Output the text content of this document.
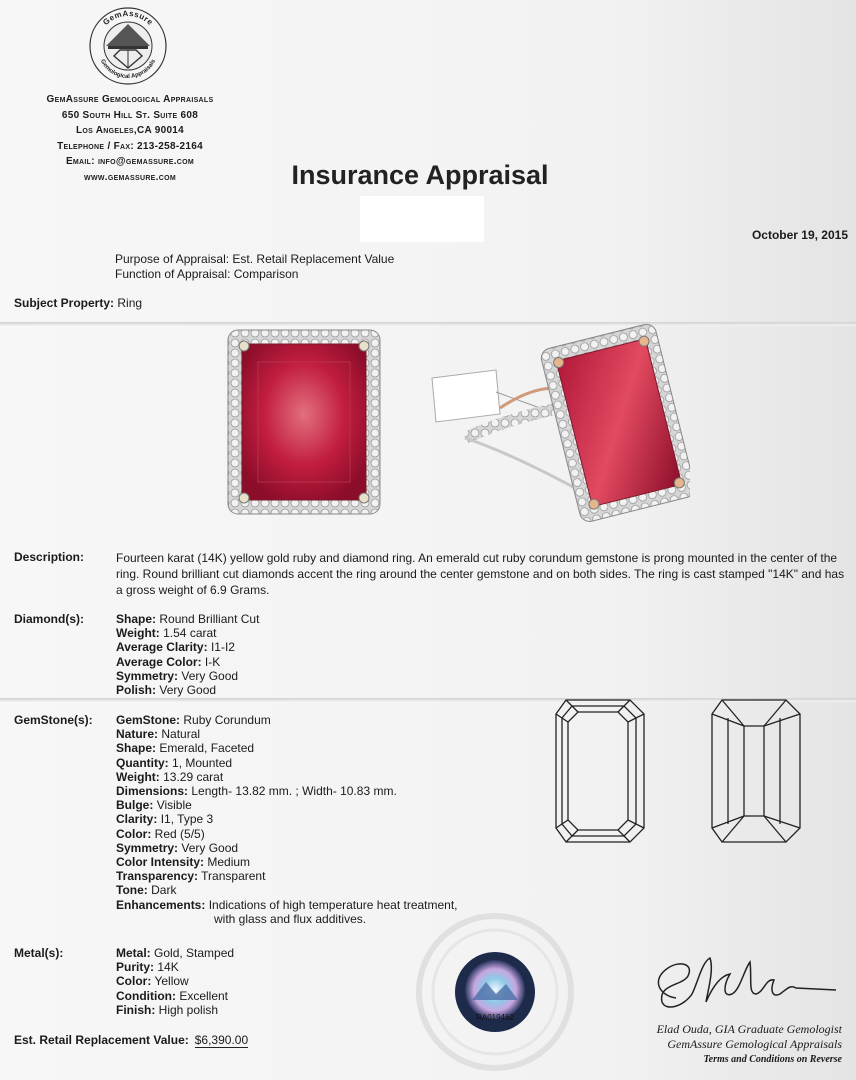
GemAssure
Gemological Appraisals
GemAssure Gemological Appraisals
650 South Hill St. Suite 608
Los Angeles,CA 90014
Telephone / Fax: 213-258-2164
Email: info@gemassure.com
www.gemassure.com	Insurance Appraisal
October 19, 2015
Purpose of Appraisal: Est. Retail Replacement Value
Function of Appraisal: Comparison
Subject Property: Ring
Description:	Fourteen karat (14K) yellow gold ruby and diamond ring. An emerald cut ruby corundum gemstone is prong mounted in the center of the ring. Round brilliant cut diamonds accent the ring around the center gemstone and on both sides. The ring is cast stamped "14K" and has a gross weight of 6.9 Grams.
Diamond(s):	Shape: Round Brilliant Cut
Weight: 1.54 carat
Average Clarity: I1-I2
Average Color: I-K
Symmetry: Very Good
Polish: Very Good
GemStone(s): GemStone: Ruby Corundum
Nature: Natural
Shape: Emerald, Faceted
Quantity: 1, Mounted
Weight: 13.29 carat
Dimensions: Length- 13.82 mm. ; Width- 10.83 mm.
Bulge: Visible
Clarity: I1, Type 3
Color: Red (5/5)
Symmetry: Very Good
Color Intensity: Medium
Transparency: Transparent
Tone: Dark
Enhancements: Indications of high temperature heat treatment,
with glass and flux additives.
Metal(s):	Metal: Gold, Stamped
Purity: 14K
Color: Yellow
Condition: Excellent
Finish: High polish
RA019462
Elad Ouda, GIA Graduate Gemologist
GemAssure Gemological Appraisals
Terms and Conditions on Reverse
Est. Retail Replacement Value: $6,390.00
